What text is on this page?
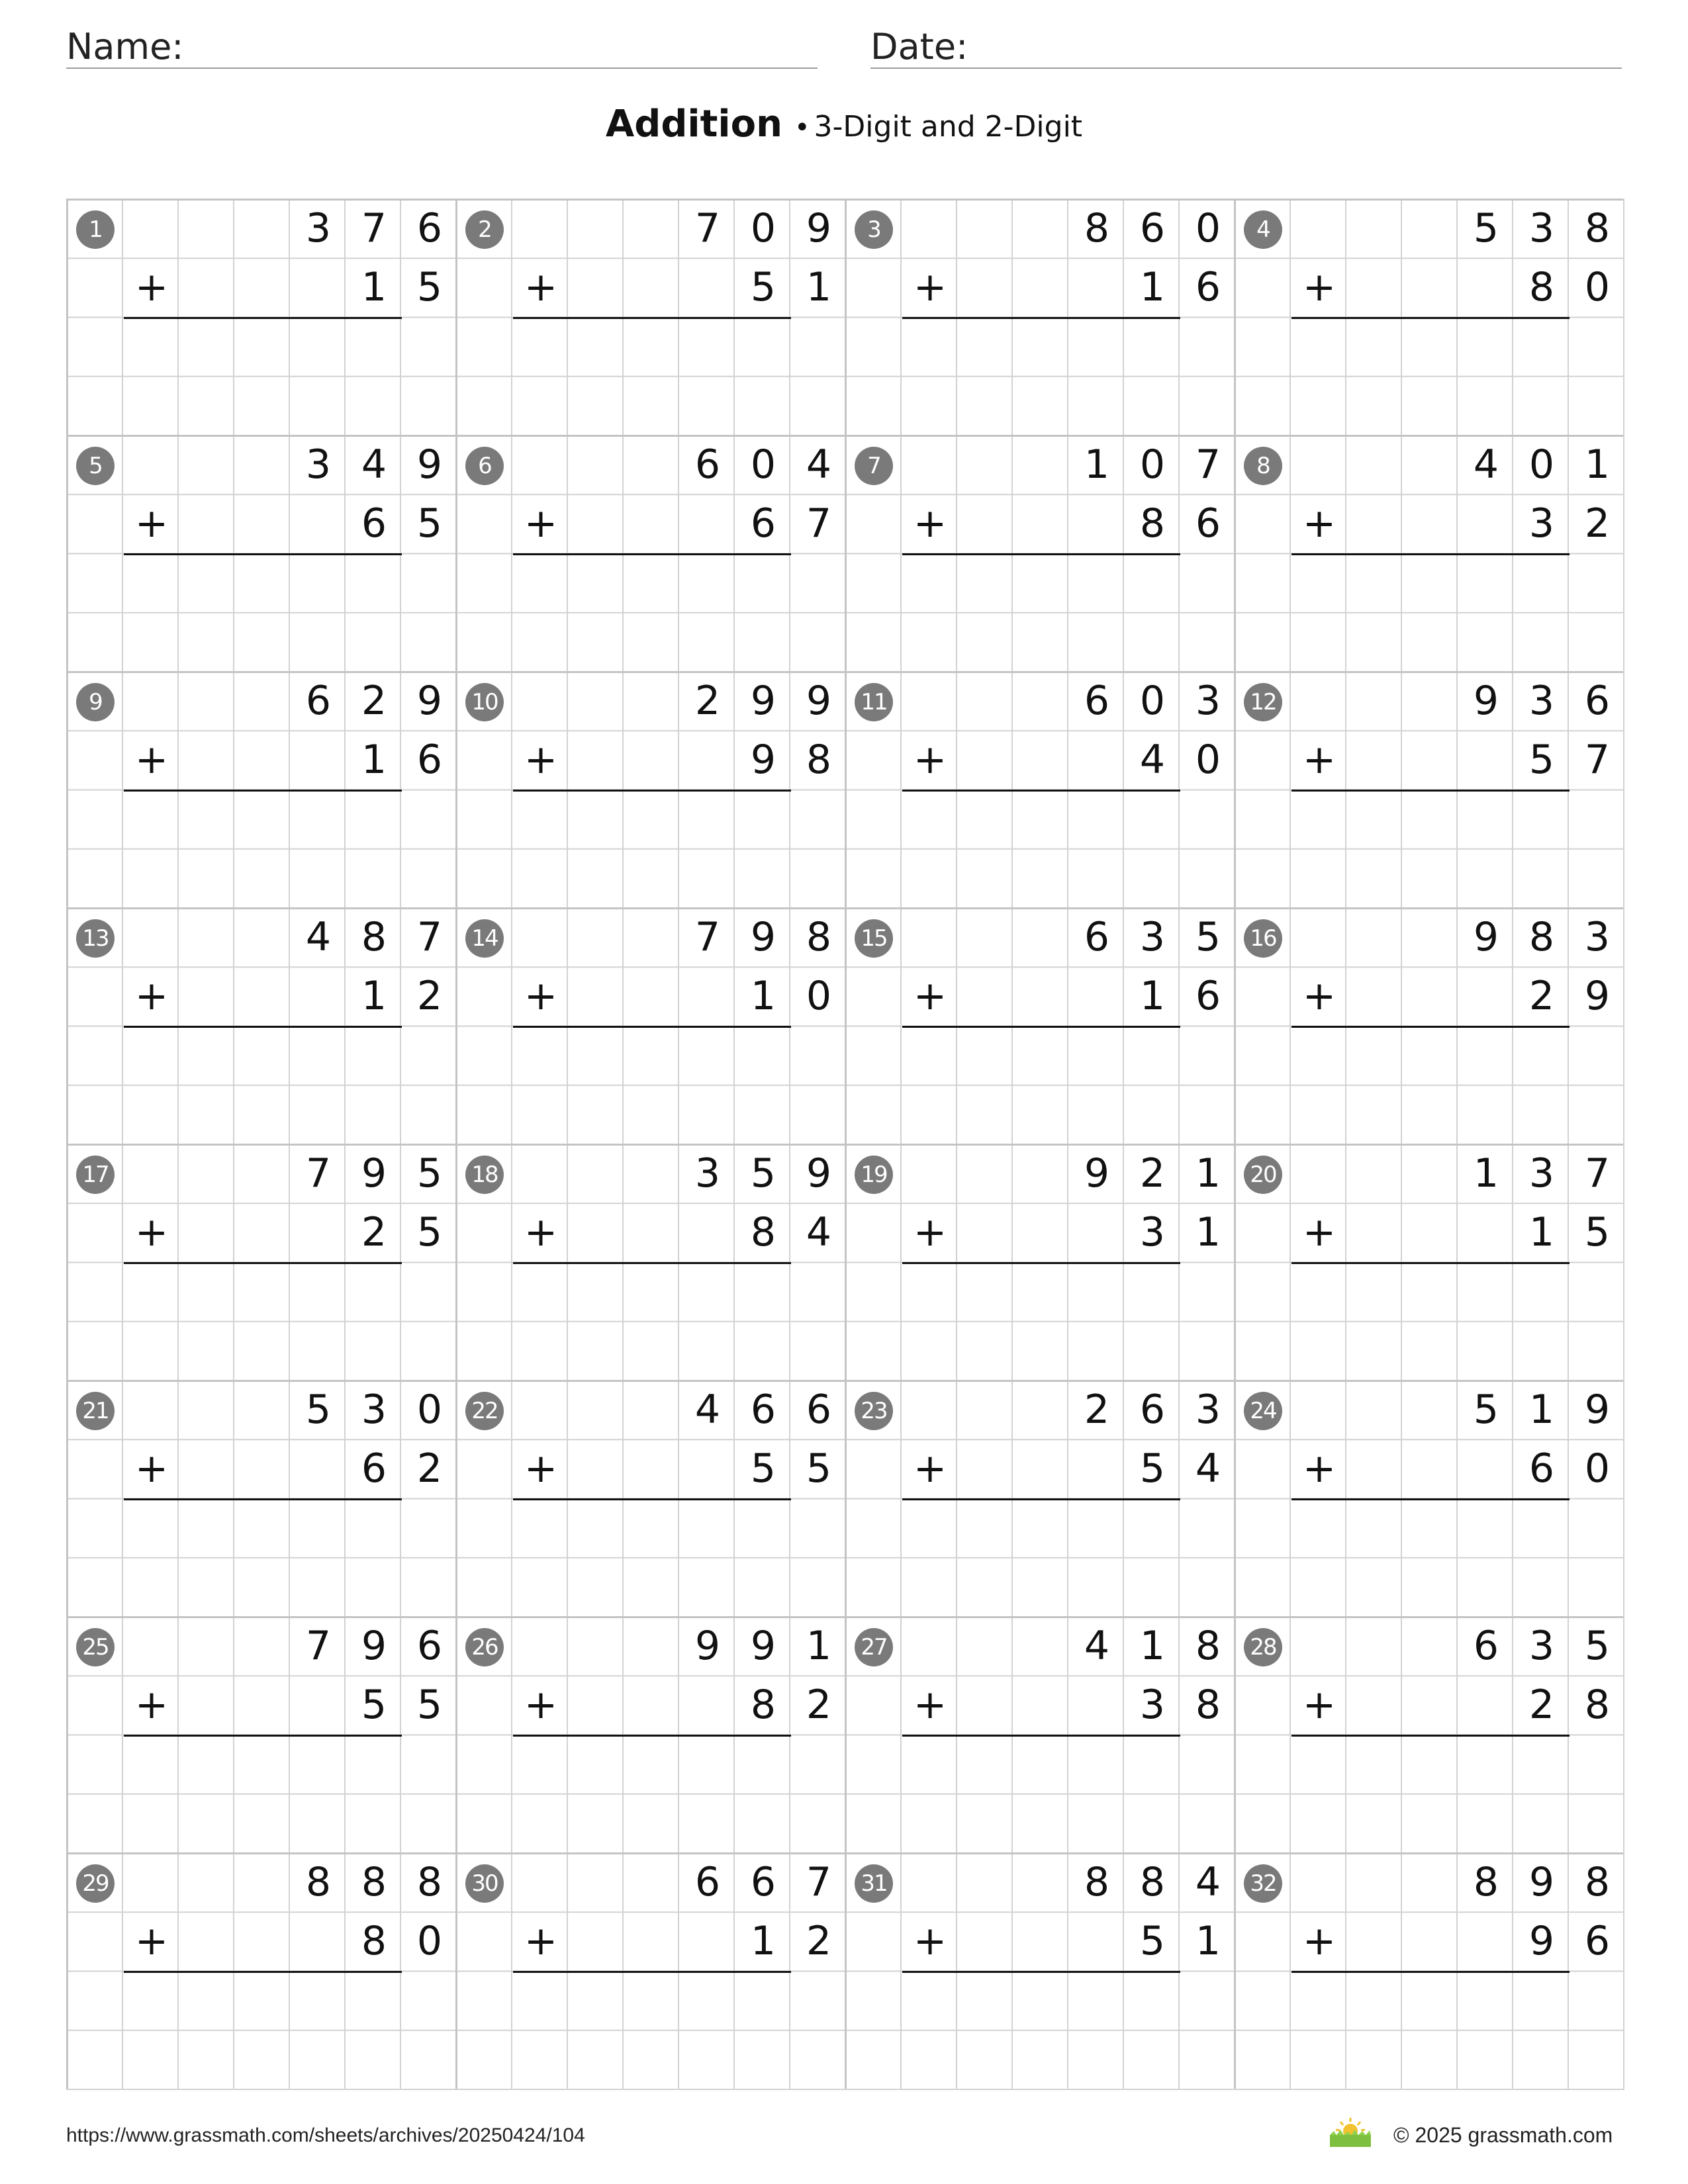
Name:	Date:
Addition • 3-Digit and 2-Digit
1	3 7 6
+	1 5
2	7 0 9
+	5 1
3	8 6 0
+	1 6
4	5 3 8
+	8 0
5	3 4 9
+	6 5
6	6 0 4
+	6 7
7	1 0 7
+	8 6
8	4 0 1
+	3 2
9	6 2 9
+	1 6
10	2 9 9
+	9 8
11	6 0 3
+	4 0
12	9 3 6
+	5 7
13	4 8 7
+	1 2
14	7 9 8
+	1 0
15	6 3 5
+	1 6
16	9 8 3
+	2 9
17	7 9 5
+	2 5
18	3 5 9
+	8 4
19	9 2 1
+	3 1
20	1 3 7
+	1 5
21	5 3 0
+	6 2
22	4 6 6
+	5 5
23	2 6 3
+	5 4
24	5 1 9
+	6 0
25	7 9 6
+	5 5
26	9 9 1
+	8 2
27	4 1 8
+	3 8
28	6 3 5
+	2 8
29	8 8 8
+	8 0
30	6 6 7
+	1 2
31	8 8 4
+	5 1
32	8 9 8
+	9 6
https://www.grassmath.com/sheets/archives/20250424/104	© 2025 grassmath.com
